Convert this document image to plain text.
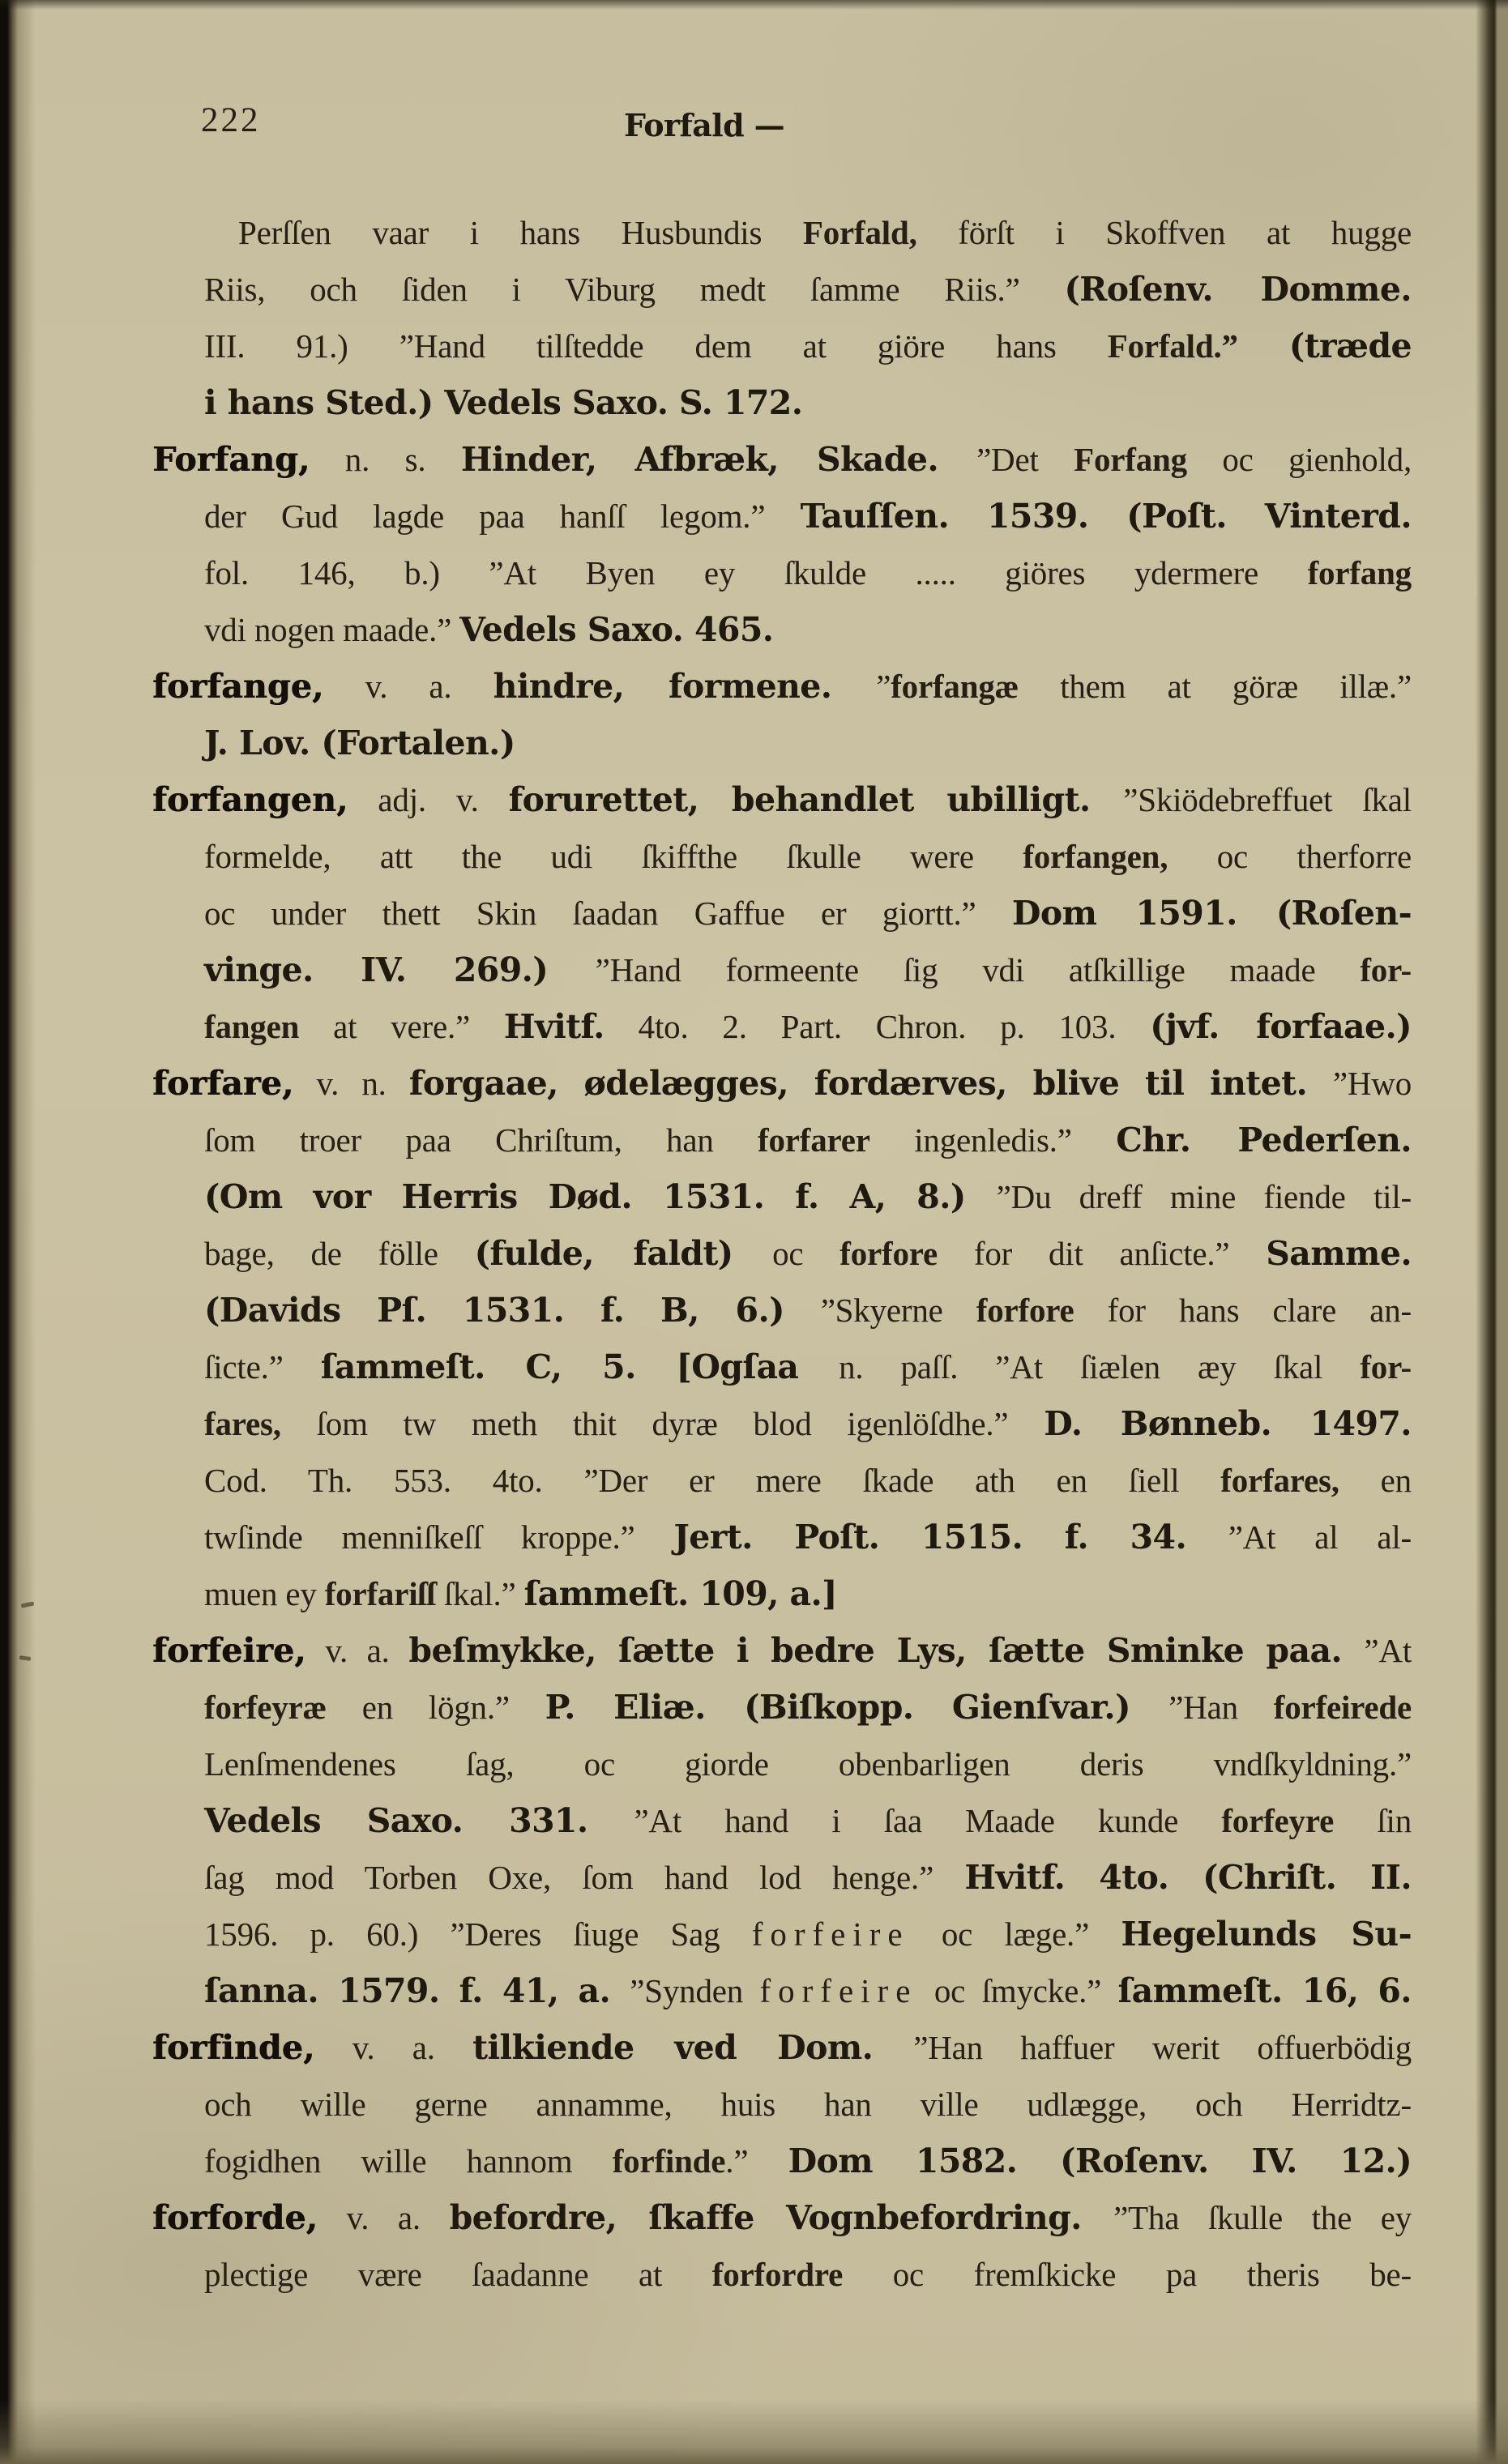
222	Forfald —
Perſſen vaar i hans Husbundis Forfald, förſt i Skoffven at hugge
Riis, och ſiden i Viburg medt ſamme Riis.” (Roſenv. Domme.
III. 91.) ”Hand tilſtedde dem at giöre hans Forfald.” (træde
i hans Sted.) Vedels Saxo. S. 172.
Forfang, n. s. Hinder, Afbræk, Skade. ”Det Forfang oc gienhold,
der Gud lagde paa hanſſ legom.” Tauſſen. 1539. (Poſt. Vinterd.
fol. 146, b.) ”At Byen ey ſkulde ..... giöres ydermere forfang
vdi nogen maade.” Vedels Saxo. 465.
forfange, v. a. hindre, formene. ”forfangæ them at göræ illæ.”
J. Lov. (Fortalen.)
forfangen, adj. v. forurettet, behandlet ubilligt. ”Skiödebreffuet ſkal
formelde, att the udi ſkiffthe ſkulle were forfangen, oc therforre
oc under thett Skin ſaadan Gaffue er giortt.” Dom 1591. (Roſen-
vinge. IV. 269.) ”Hand formeente ſig vdi atſkillige maade for-
fangen at vere.” Hvitf. 4to. 2. Part. Chron. p. 103. (jvf. forfaae.)
forfare, v. n. forgaae, ødelægges, fordærves, blive til intet. ”Hwo
ſom troer paa Chriſtum, han forfarer ingenledis.” Chr. Pederſen.
(Om vor Herris Død. 1531. f. A, 8.) ”Du dreff mine fiende til-
bage, de fölle (fulde, faldt) oc forfore for dit anſicte.” Samme.
(Davids Pſ. 1531. f. B, 6.) ”Skyerne forfore for hans clare an-
ſicte.” ſammeſt. C, 5. [Ogſaa n. paſſ. ”At ſiælen æy ſkal for-
fares, ſom tw meth thit dyræ blod igenlöſdhe.” D. Bønneb. 1497.
Cod. Th. 553. 4to. ”Der er mere ſkade ath en ſiell forfares, en
twſinde menniſkeſſ kroppe.” Jert. Poſt. 1515. f. 34. ”At al al-
muen ey forfariſſ ſkal.” ſammeſt. 109, a.]
forfeire, v. a. beſmykke, ſætte i bedre Lys, ſætte Sminke paa. ”At
forfeyræ en lögn.” P. Eliæ. (Biſkopp. Gienſvar.) ”Han forfeirede
Lenſmendenes ſag, oc giorde obenbarligen deris vndſkyldning.”
Vedels Saxo. 331. ”At hand i ſaa Maade kunde forfeyre ſin
ſag mod Torben Oxe, ſom hand lod henge.” Hvitf. 4to. (Chriſt. II.
1596. p. 60.) ”Deres ſiuge Sag forfeire oc læge.” Hegelunds Su-
ſanna. 1579. f. 41, a. ”Synden forfeire oc ſmycke.” ſammeſt. 16, 6.
forfinde, v. a. tilkiende ved Dom. ”Han haffuer werit offuerbödig
och wille gerne annamme, huis han ville udlægge, och Herridtz-
fogidhen wille hannom forfinde.” Dom 1582. (Roſenv. IV. 12.)
forforde, v. a. befordre, ſkaffe Vognbefordring. ”Tha ſkulle the ey
plectige være ſaadanne at forfordre oc fremſkicke pa theris be-
